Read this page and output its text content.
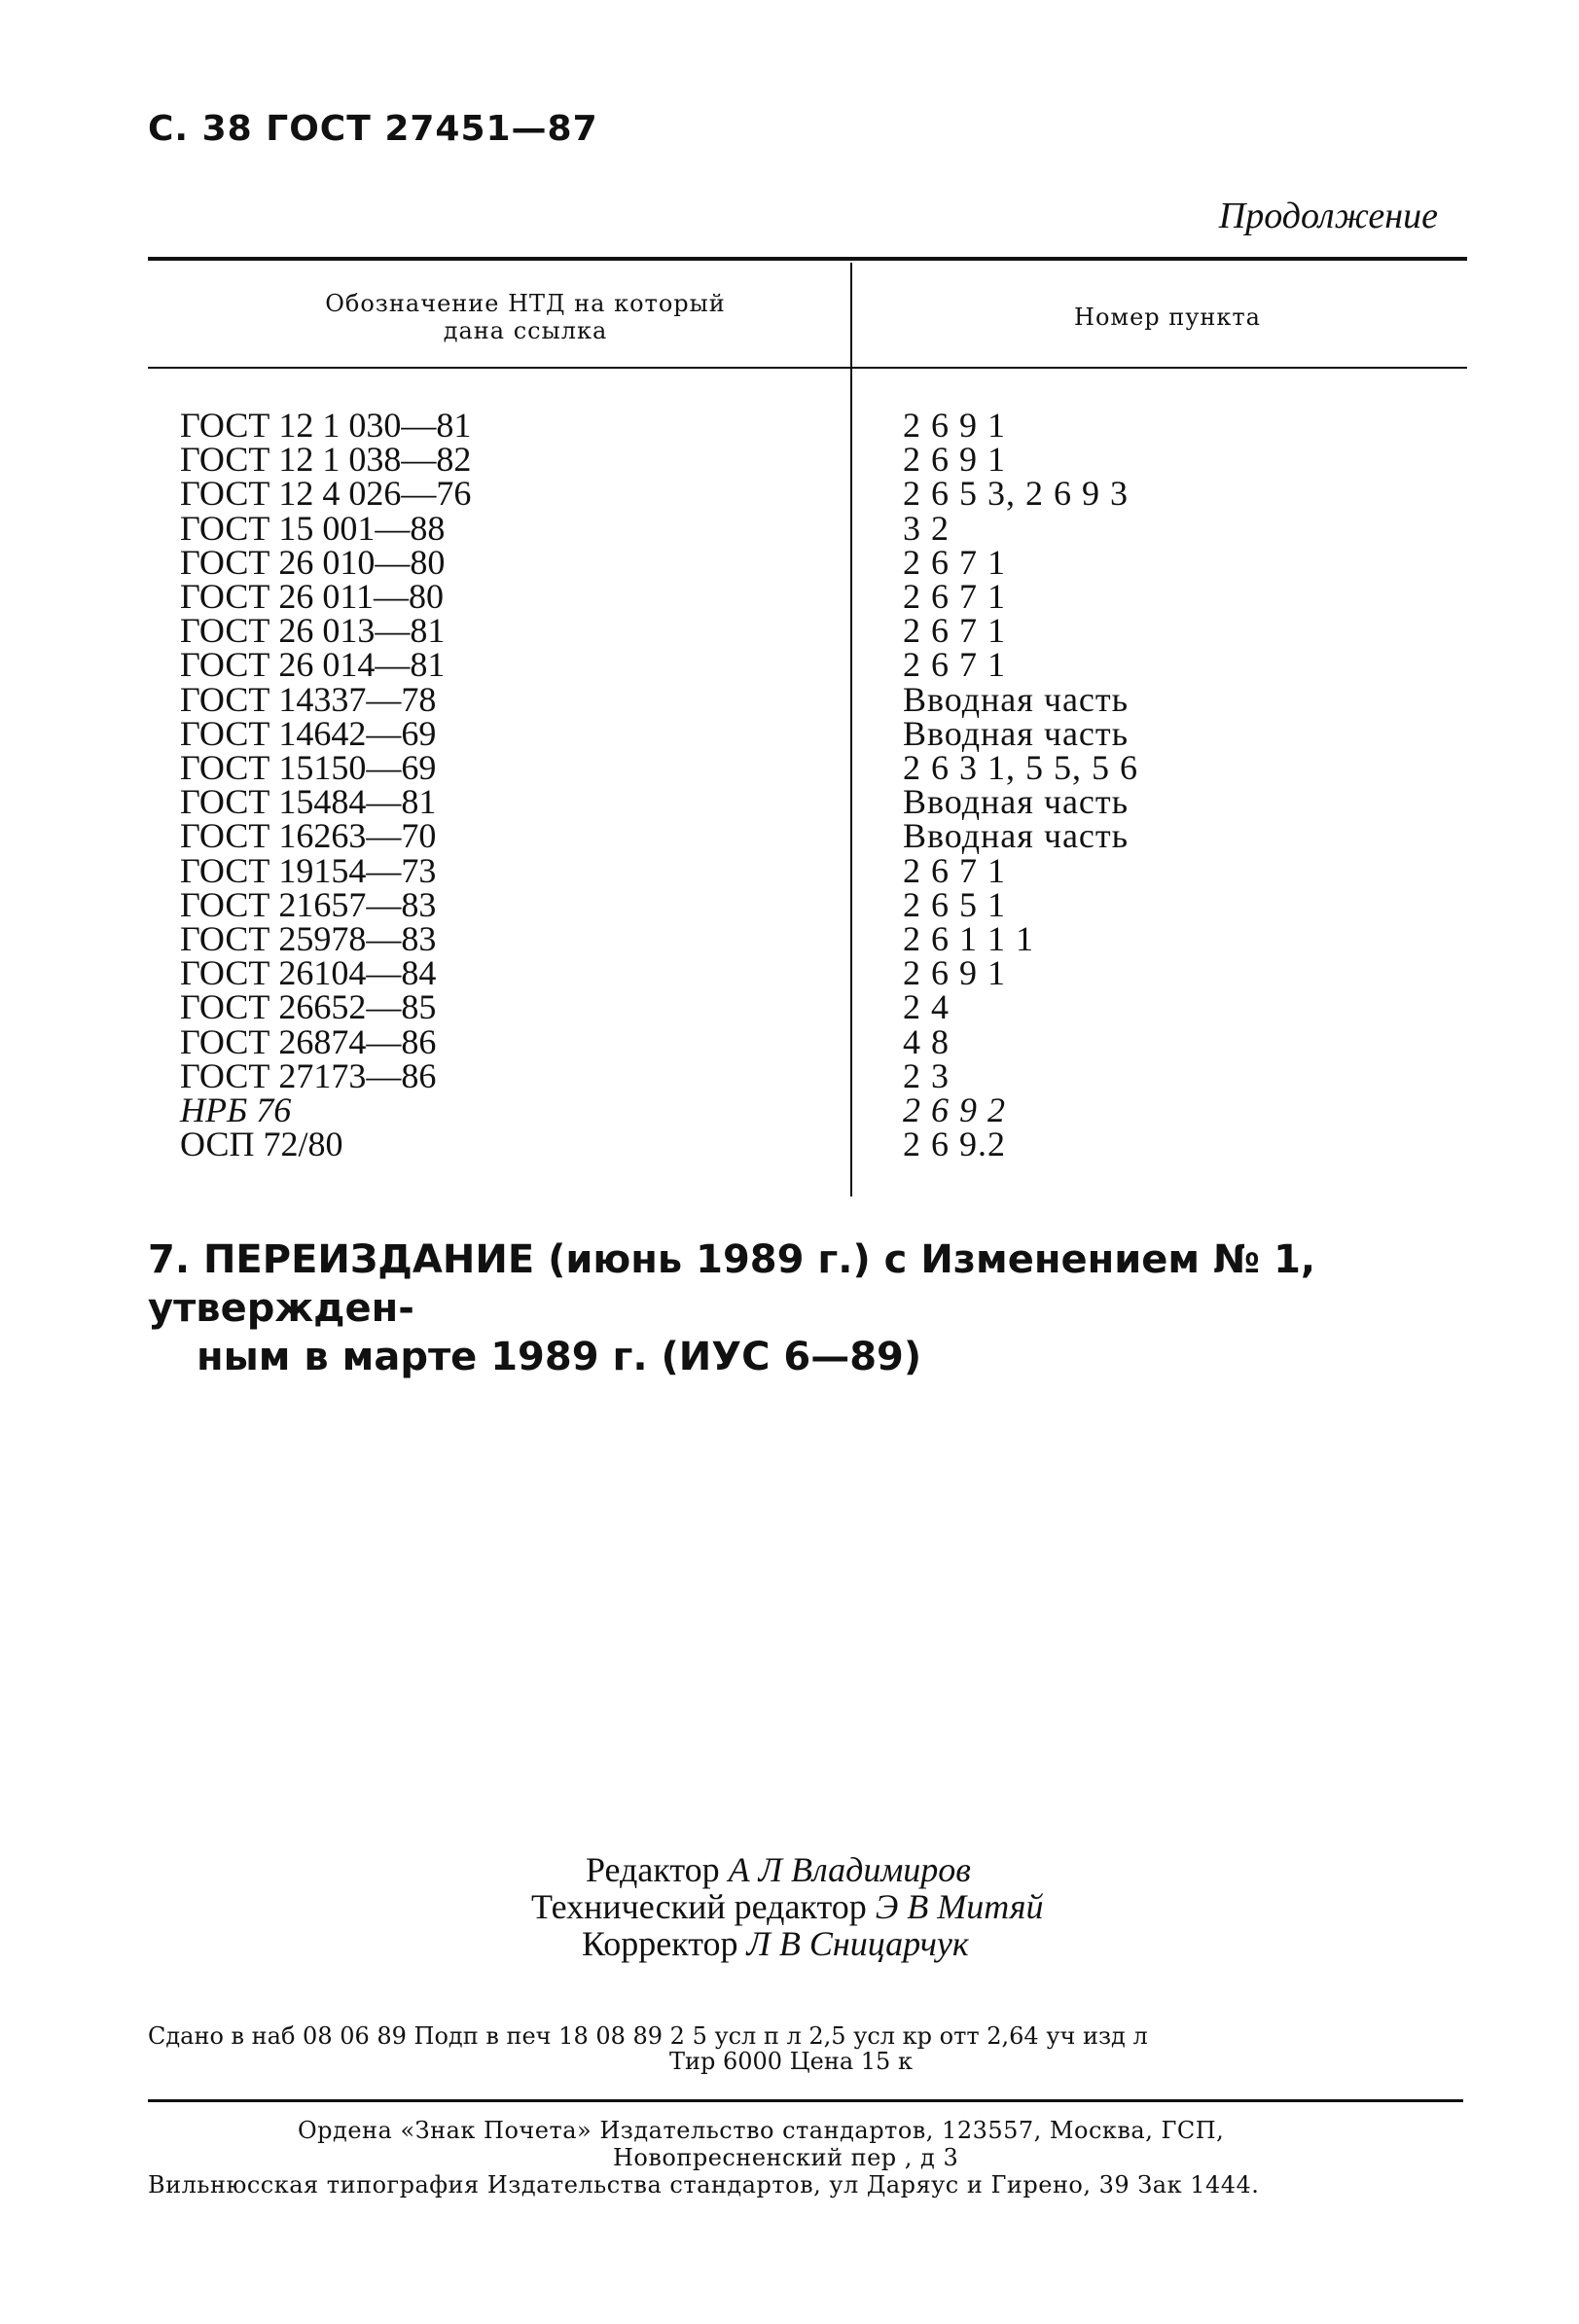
С. 38 ГОСТ 27451—87
Продолжение
Обозначение НТД на который дана ссылка	Номер пункта
ГОСТ 12 1 030—81
ГОСТ 12 1 038—82
ГОСТ 12 4 026—76
ГОСТ 15 001—88
ГОСТ 26 010—80
ГОСТ 26 011—80
ГОСТ 26 013—81
ГОСТ 26 014—81
ГОСТ 14337—78
ГОСТ 14642—69
ГОСТ 15150—69
ГОСТ 15484—81
ГОСТ 16263—70
ГОСТ 19154—73
ГОСТ 21657—83
ГОСТ 25978—83
ГОСТ 26104—84
ГОСТ 26652—85
ГОСТ 26874—86
ГОСТ 27173—86
НРБ 76
ОСП 72/80
2 6 9 1
2 6 9 1
2 6 5 3, 2 6 9 3
3 2
2 6 7 1
2 6 7 1
2 6 7 1
2 6 7 1
Вводная часть
Вводная часть
2 6 3 1, 5 5, 5 6
Вводная часть
Вводная часть
2 6 7 1
2 6 5 1
2 6 1 1 1
2 6 9 1
2 4
4 8
2 3
2 6 9 2
2 6 9.2
7. ПЕРЕИЗДАНИЕ (июнь 1989 г.) с Изменением № 1, утвержден-
ным в марте 1989 г. (ИУС 6—89)
Редактор А Л Владимиров
Технический редактор Э В Митяй
Корректор Л В Сницарчук
Сдано в наб 08 06 89 Подп в печ 18 08 89 2 5 усл п л 2,5 усл кр отт 2,64 уч изд л
Тир 6000 Цена 15 к
Ордена «Знак Почета» Издательство стандартов, 123557, Москва, ГСП,
Новопресненский пер , д 3
Вильнюсская типография Издательства стандартов, ул Даряус и Гирено, 39 Зак 1444.
